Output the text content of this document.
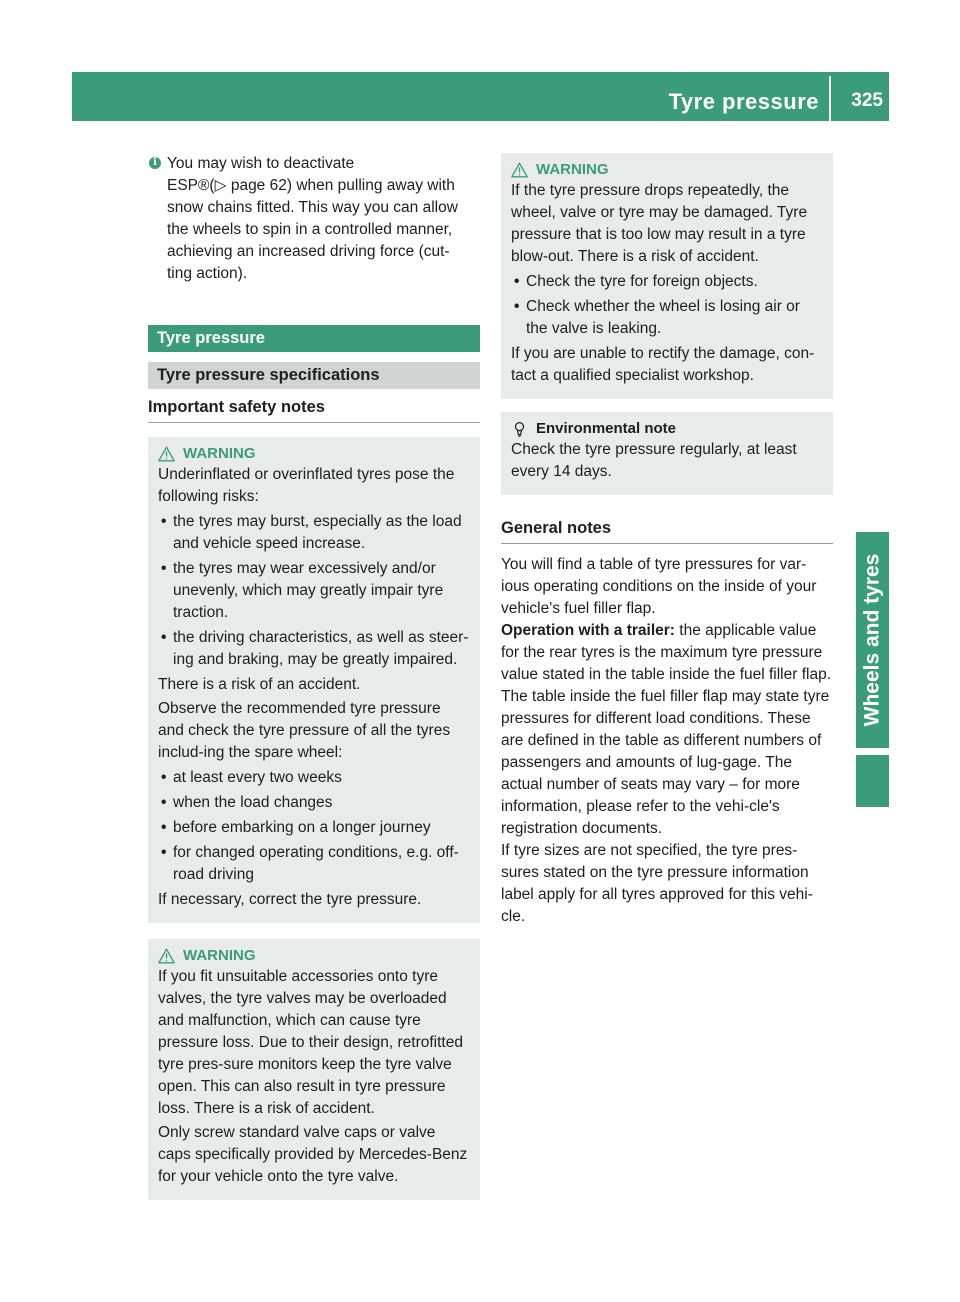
Tyre pressure 325
Wheels and tyres
i You may wish to deactivate

ESP®(▷ page 62) when pulling away with

snow chains fitted. This way you can allow

the wheels to spin in a controlled manner,

achieving an increased driving force (cut-

ting action).

Tyre pressure
Tyre pressure specifications
Important safety notes
WARNING

Underinflated or overinflated tyres pose the following risks:

• the tyres may burst, especially as the load and vehicle speed increase.
• the tyres may wear excessively and/or unevenly, which may greatly impair tyre traction.
• the driving characteristics, as well as steer-ing and braking, may be greatly impaired.

There is a risk of an accident.

Observe the recommended tyre pressure and check the tyre pressure of all the tyres includ-ing the spare wheel:

• at least every two weeks
• when the load changes
• before embarking on a longer journey
• for changed operating conditions, e.g. off-road driving

If necessary, correct the tyre pressure.

WARNING

If you fit unsuitable accessories onto tyre valves, the tyre valves may be overloaded and malfunction, which can cause tyre pressure loss. Due to their design, retrofitted tyre pres-sure monitors keep the tyre valve open. This can also result in tyre pressure loss. There is a risk of accident.

Only screw standard valve caps or valve caps specifically provided by Mercedes-Benz for your vehicle onto the tyre valve.

WARNING

If the tyre pressure drops repeatedly, the wheel, valve or tyre may be damaged. Tyre pressure that is too low may result in a tyre blow-out. There is a risk of accident.

• Check the tyre for foreign objects.
• Check whether the wheel is losing air or the valve is leaking.

If you are unable to rectify the damage, con-tact a qualified specialist workshop.

Environmental note

Check the tyre pressure regularly, at least every 14 days.

General notes

You will find a table of tyre pressures for var-ious operating conditions on the inside of your vehicle's fuel filler flap.

Operation with a trailer: the applicable value for the rear tyres is the maximum tyre pressure value stated in the table inside the fuel filler flap.

The table inside the fuel filler flap may state tyre pressures for different load conditions. These are defined in the table as different numbers of passengers and amounts of lug-gage. The actual number of seats may vary – for more information, please refer to the vehi-cle's registration documents.

If tyre sizes are not specified, the tyre pres-sures stated on the tyre pressure information label apply for all tyres approved for this vehi-cle.
